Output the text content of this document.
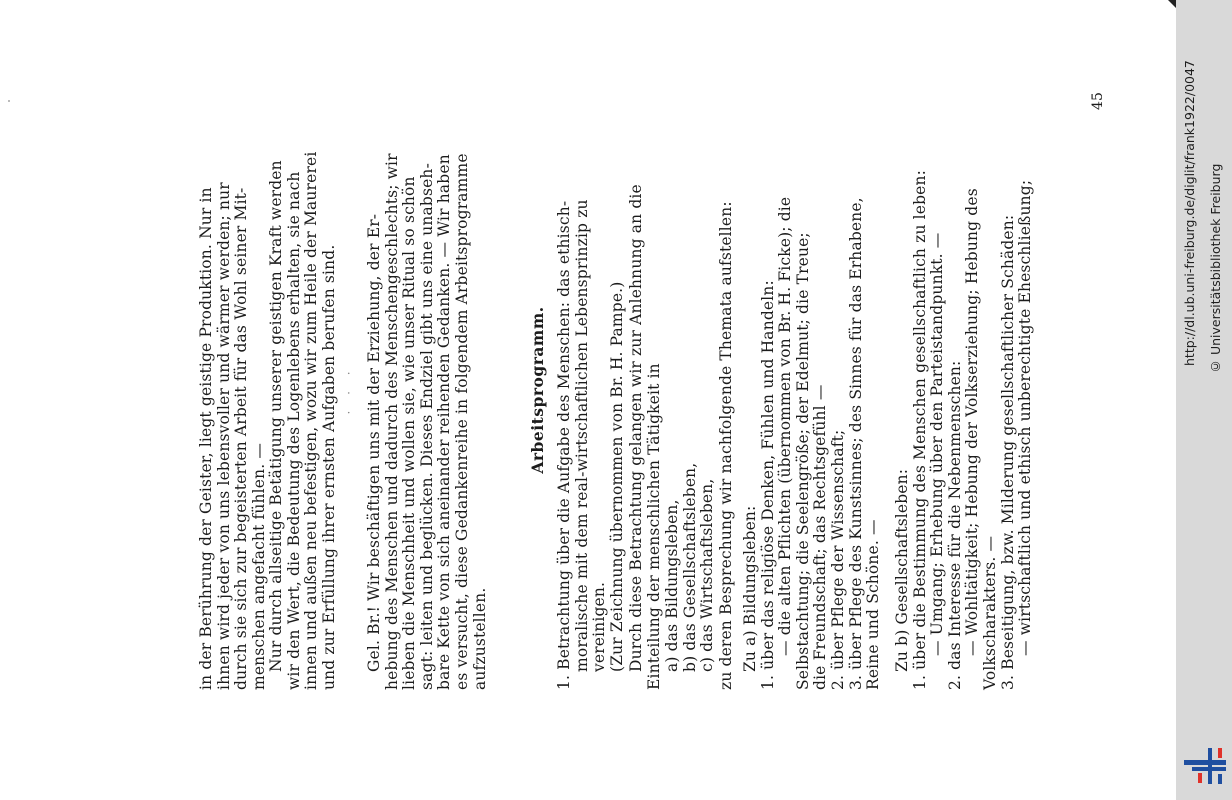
in der Berührung der Geister, liegt geistige Produktion. Nur in ihnen wird jeder von uns lebensvoller und wärmer werden; nur durch sie sich zur begeisterten Arbeit für das Wohl seiner Mit- menschen angefacht fühlen. — Nur durch allseitige Betätigung unserer geistigen Kraft werden wir den Wert, die Bedeutung des Logenlebens erhalten, sie nach innen und außen neu befestigen, wozu wir zum Heile der Maurerei und zur Erfüllung ihrer ernsten Aufgaben berufen sind. · · · Gel. Br.! Wir beschäftigen uns mit der Erziehung, der Er- hebung des Menschen und dadurch des Menschengeschlechts; wir lieben die Menschheit und wollen sie, wie unser Ritual so schön sagt: leiten und beglücken. Dieses Endziel gibt uns eine unabseh- bare Kette von sich aneinander reihenden Gedanken. — Wir haben es versucht, diese Gedankenreihe in folgendem Arbeitsprogramme aufzustellen.
Arbeitsprogramm. 1. Betrachtung über die Aufgabe des Menschen: das ethisch- moralische mit dem real-wirtschaftlichen Lebensprinzip zu vereinigen. (Zur Zeichnung übernommen von Br. H. Pampe.) Durch diese Betrachtung gelangen wir zur Anlehnung an die Einteilung der menschlichen Tätigkeit in a) das Bildungsleben, b) das Gesellschaftsleben, c) das Wirtschaftsleben, zu deren Besprechung wir nachfolgende Themata aufstellen: Zu a) Bildungsleben: 1. über das religiöse Denken, Fühlen und Handeln: — die alten Pflichten (übernommen von Br. H. Ficke); die Selbstachtung; die Seelengröße; der Edelmut; die Treue; die Freundschaft; das Rechtsgefühl — 2. über Pflege der Wissenschaft; 3. über Pflege des Kunstsinnes; des Sinnes für das Erhabene, Reine und Schöne. — Zu b) Gesellschaftsleben: 1. über die Bestimmung des Menschen gesellschaftlich zu leben: — Umgang; Erhebung über den Parteistandpunkt. — 2. das Interesse für die Nebenmenschen: — Wohltätigkeit; Hebung der Volkserziehung; Hebung des Volkscharakters. — 3. Beseitigung, bzw. Milderung gesellschaftlicher Schäden: — wirtschaftlich und ethisch unberechtigte Eheschließung;
45	http://dl.ub.uni-freiburg.de/diglit/frank1922/0047 © Universitätsbibliothek Freiburg
